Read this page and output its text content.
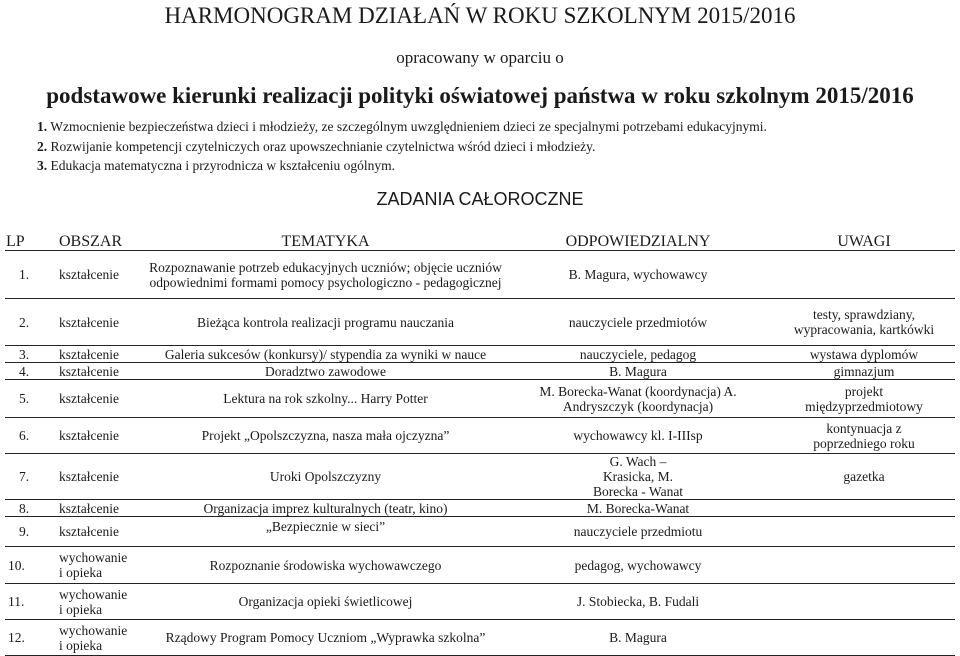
HARMONOGRAM DZIAŁAŃ W ROKU SZKOLNYM 2015/2016
opracowany w oparciu o
podstawowe kierunki realizacji polityki oświatowej państwa w roku szkolnym 2015/2016
1. Wzmocnienie bezpieczeństwa dzieci i młodzieży, ze szczególnym uwzględnieniem dzieci ze specjalnymi potrzebami edukacyjnymi.
2. Rozwijanie kompetencji czytelniczych oraz upowszechnianie czytelnictwa wśród dzieci i młodzieży.
3. Edukacja matematyczna i przyrodnicza w kształceniu ogólnym.
ZADANIA CAŁOROCZNE
LP	OBSZAR	TEMATYKA	ODPOWIEDZIALNY	UWAGI
1.	kształcenie	Rozpoznawanie potrzeb edukacyjnych uczniów; objęcie uczniów odpowiednimi formami pomocy psychologiczno - pedagogicznej	B. Magura, wychowawcy	
2.	kształcenie	Bieżąca kontrola realizacji programu nauczania	nauczyciele przedmiotów	testy, sprawdziany, wypracowania, kartkówki
3.	kształcenie	Galeria sukcesów (konkursy)/ stypendia za wyniki w nauce	nauczyciele, pedagog	wystawa dyplomów
4.	kształcenie	Doradztwo zawodowe	B. Magura	gimnazjum
5.	kształcenie	Lektura na rok szkolny... Harry Potter	M. Borecka-Wanat (koordynacja) A. Andryszczyk (koordynacja)	projekt międzyprzedmiotowy
6.	kształcenie	Projekt „Opolszczyzna, nasza mała ojczyzna”	wychowawcy kl. I-IIIsp	kontynuacja z poprzedniego roku
7.	kształcenie	Uroki Opolszczyzny	G. Wach – Krasicka, M. Borecka - Wanat	gazetka
8.	kształcenie	Organizacja imprez kulturalnych (teatr, kino)	M. Borecka-Wanat	
9.	kształcenie	„Bezpiecznie w sieci”	nauczyciele przedmiotu	
10.	wychowanie i opieka	Rozpoznanie środowiska wychowawczego	pedagog, wychowawcy	
11.	wychowanie i opieka	Organizacja opieki świetlicowej	J. Stobiecka, B. Fudali	
12.	wychowanie i opieka	Rządowy Program Pomocy Uczniom „Wyprawka szkolna”	B. Magura	
